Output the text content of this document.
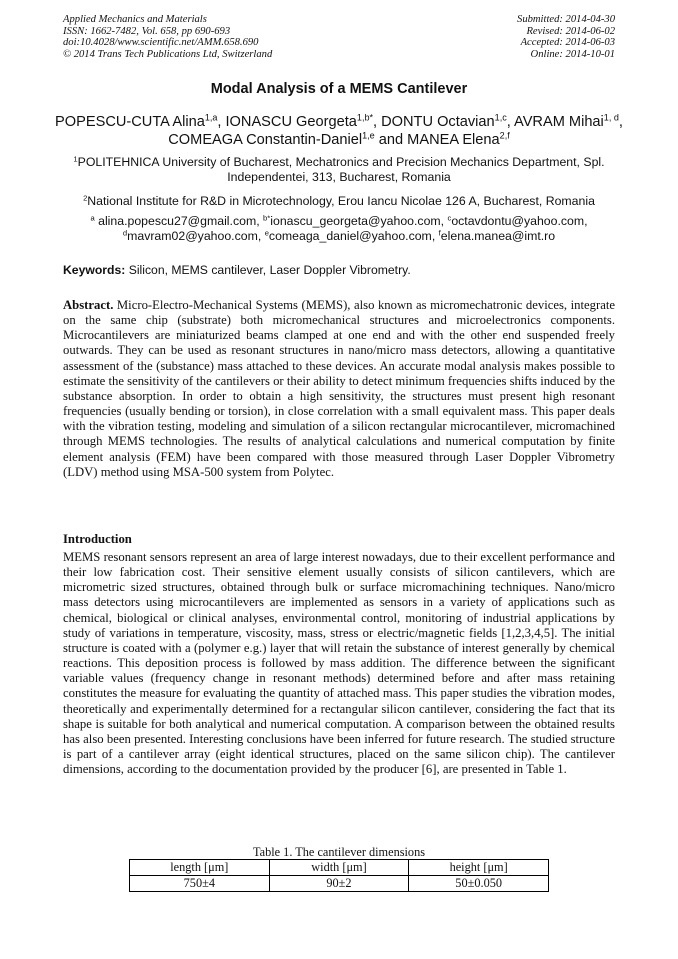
Applied Mechanics and Materials
ISSN: 1662-7482, Vol. 658, pp 690-693
doi:10.4028/www.scientific.net/AMM.658.690
© 2014 Trans Tech Publications Ltd, Switzerland
Submitted: 2014-04-30
Revised: 2014-06-02
Accepted: 2014-06-03
Online: 2014-10-01
Modal Analysis of a MEMS Cantilever
POPESCU-CUTA Alina$^{1,a}$, IONASCU Georgeta$^{1,b*}$, DONTU Octavian$^{1,c}$, AVRAM Mihai$^{1, d}$, COMEAGA Constantin-Daniel$^{1,e}$ and MANEA Elena$^{2,f}$
$^1$POLITEHNICA University of Bucharest, Mechatronics and Precision Mechanics Department, Spl. Independentei, 313, Bucharest, Romania
$^2$National Institute for R&D in Microtechnology, Erou Iancu Nicolae 126 A, Bucharest, Romania
$^a$ alina.popescu27@gmail.com, $^{b*}$ionascu_georgeta@yahoo.com, $^c$octavdontu@yahoo.com,
$^d$mavram02@yahoo.com, $^e$comeaga_daniel@yahoo.com, $^f$elena.manea@imt.ro
Keywords: Silicon, MEMS cantilever, Laser Doppler Vibrometry.
Abstract. Micro-Electro-Mechanical Systems (MEMS), also known as micromechatronic devices, integrate on the same chip (substrate) both micromechanical structures and microelectronics components. Microcantilevers are miniaturized beams clamped at one end and with the other end suspended freely outwards. They can be used as resonant structures in nano/micro mass detectors, allowing a quantitative assessment of the (substance) mass attached to these devices. An accurate modal analysis makes possible to estimate the sensitivity of the cantilevers or their ability to detect minimum frequencies shifts induced by the substance absorption. In order to obtain a high sensitivity, the structures must present high resonant frequencies (usually bending or torsion), in close correlation with a small equivalent mass. This paper deals with the vibration testing, modeling and simulation of a silicon rectangular microcantilever, micromachined through MEMS technologies. The results of analytical calculations and numerical computation by finite element analysis (FEM) have been compared with those measured through Laser Doppler Vibrometry (LDV) method using MSA-500 system from Polytec.
Introduction
MEMS resonant sensors represent an area of large interest nowadays, due to their excellent performance and their low fabrication cost. Their sensitive element usually consists of silicon cantilevers, which are micrometric sized structures, obtained through bulk or surface micromachining techniques. Nano/micro mass detectors using microcantilevers are implemented as sensors in a variety of applications such as chemical, biological or clinical analyses, environmental control, monitoring of industrial applications by study of variations in temperature, viscosity, mass, stress or electric/magnetic fields [1,2,3,4,5]. The initial structure is coated with a (polymer e.g.) layer that will retain the substance of interest generally by chemical reactions. This deposition process is followed by mass addition. The difference between the significant variable values (frequency change in resonant methods) determined before and after mass retaining constitutes the measure for evaluating the quantity of attached mass. This paper studies the vibration modes, theoretically and experimentally determined for a rectangular silicon cantilever, considering the fact that its shape is suitable for both analytical and numerical computation. A comparison between the obtained results has also been presented. Interesting conclusions have been inferred for future research. The studied structure is part of a cantilever array (eight identical structures, placed on the same silicon chip). The cantilever dimensions, according to the documentation provided by the producer [6], are presented in Table 1.
Table 1. The cantilever dimensions
length [μm]	width [μm]	height [μm]
750±4	90±2	50±0.050
